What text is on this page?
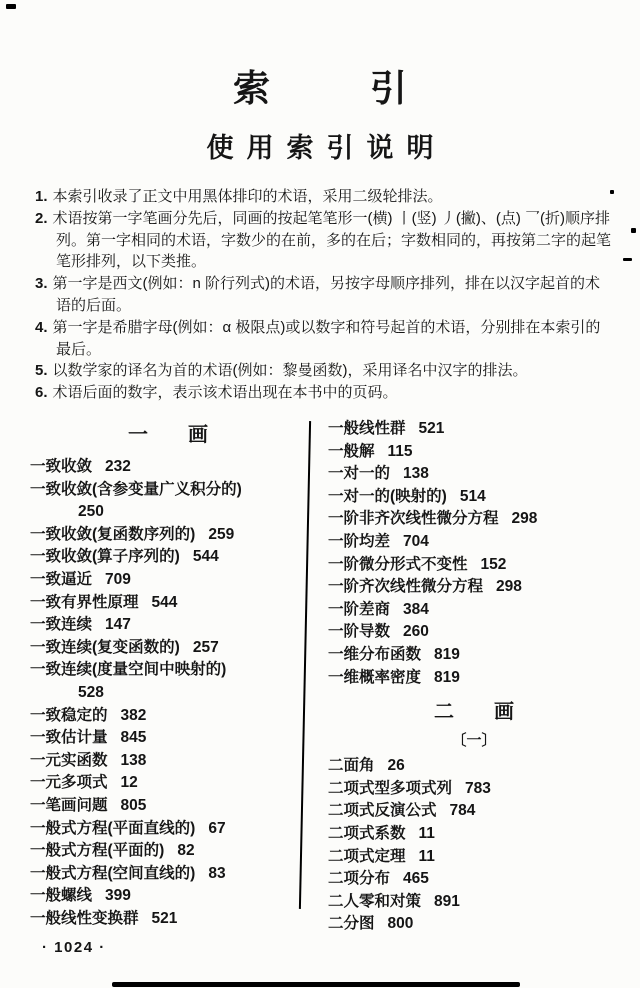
索引
使用索引说明
1. 本索引收录了正文中用黑体排印的术语，采用二级轮排法。
2. 术语按第一字笔画分先后，同画的按起笔笔形一(横) 丨(竖) 丿(撇)、(点) 乛(折)顺序排列。第一字相同的术语，字数少的在前，多的在后；字数相同的，再按第二字的起笔笔形排列，以下类推。
3. 第一字是西文(例如：n 阶行列式)的术语，另按字母顺序排列，排在以汉字起首的术语的后面。
4. 第一字是希腊字母(例如：α 极限点)或以数字和符号起首的术语，分别排在本索引的最后。
5. 以数学家的译名为首的术语(例如：黎曼函数)，采用译名中汉字的排法。
6. 术语后面的数字，表示该术语出现在本书中的页码。
一　　画
一致收敛 232
一致收敛(含参变量广义积分的)
250
一致收敛(复函数序列的) 259
一致收敛(算子序列的) 544
一致逼近 709
一致有界性原理 544
一致连续 147
一致连续(复变函数的) 257
一致连续(度量空间中映射的)
528
一致稳定的 382
一致估计量 845
一元实函数 138
一元多项式 12
一笔画问题 805
一般式方程(平面直线的) 67
一般式方程(平面的) 82
一般式方程(空间直线的) 83
一般螺线 399
一般线性变换群 521
一般线性群 521
一般解 115
一对一的 138
一对一的(映射的) 514
一阶非齐次线性微分方程 298
一阶均差 704
一阶微分形式不变性 152
一阶齐次线性微分方程 298
一阶差商 384
一阶导数 260
一维分布函数 819
一维概率密度 819
二　　画
〔一〕
二面角 26
二项式型多项式列 783
二项式反演公式 784
二项式系数 11
二项式定理 11
二项分布 465
二人零和对策 891
二分图 800
· 1024 ·
